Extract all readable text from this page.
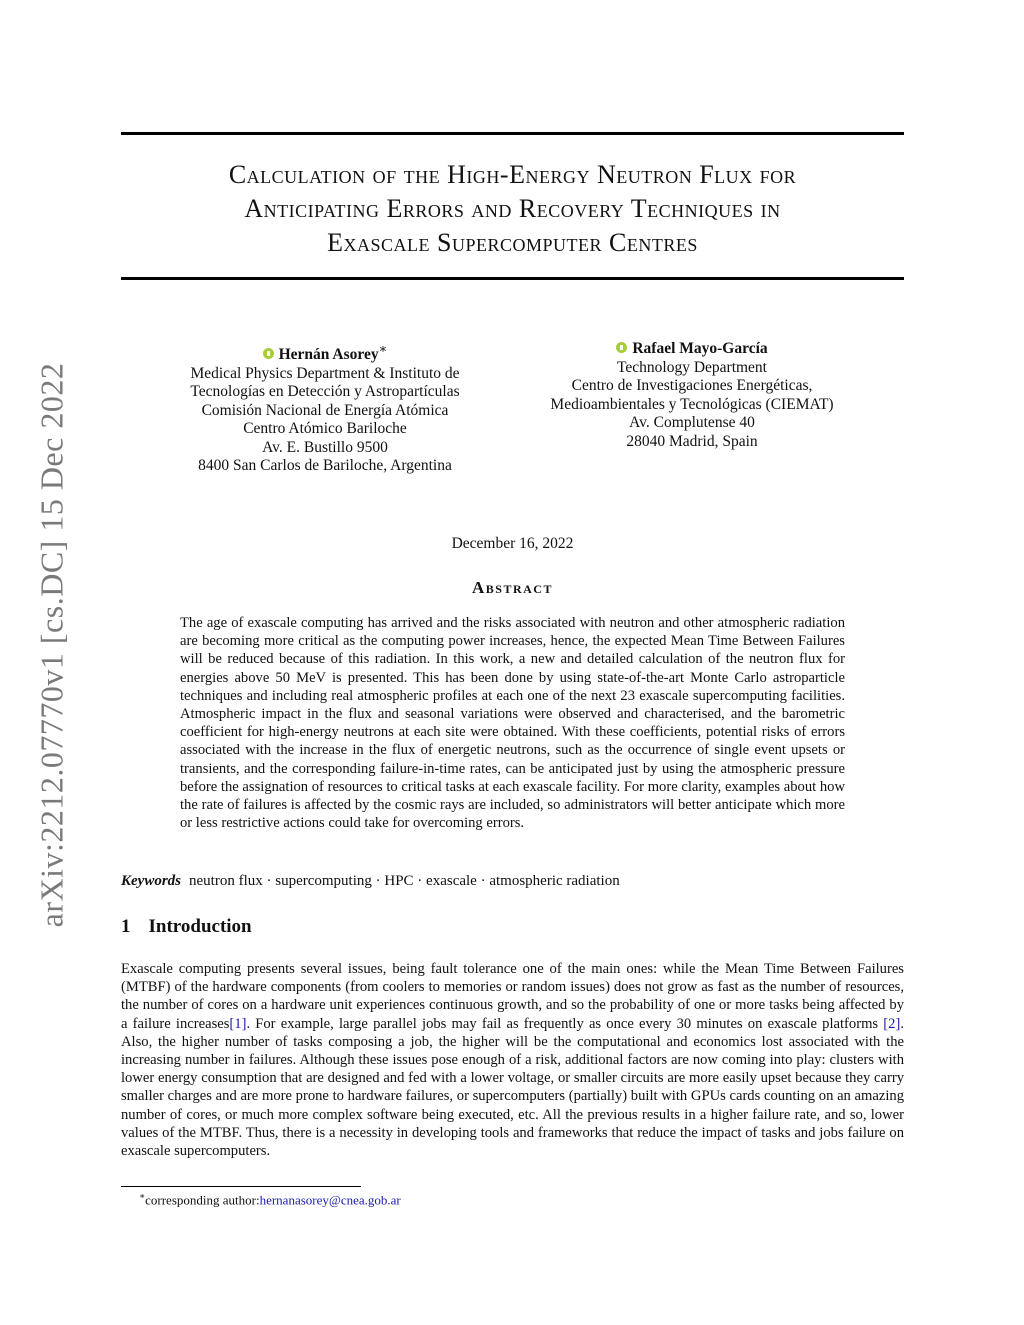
arXiv:2212.07770v1 [cs.DC] 15 Dec 2022
Calculation of the High-Energy Neutron Flux for
Anticipating Errors and Recovery Techniques in
Exascale Supercomputer Centres
Hernán Asorey∗
Medical Physics Department & Instituto de
Tecnologías en Detección y Astropartículas
Comisión Nacional de Energía Atómica
Centro Atómico Bariloche
Av. E. Bustillo 9500
8400 San Carlos de Bariloche, Argentina
Rafael Mayo-García
Technology Department
Centro de Investigaciones Energéticas,
Medioambientales y Tecnológicas (CIEMAT)
Av. Complutense 40
28040 Madrid, Spain
December 16, 2022
Abstract
The age of exascale computing has arrived and the risks associated with neutron and other atmospheric radiation are becoming more critical as the computing power increases, hence, the expected Mean Time Between Failures will be reduced because of this radiation. In this work, a new and detailed calculation of the neutron flux for energies above 50 MeV is presented. This has been done by using state-of-the-art Monte Carlo astroparticle techniques and including real atmospheric profiles at each one of the next 23 exascale supercomputing facilities. Atmospheric impact in the flux and seasonal variations were observed and characterised, and the barometric coefficient for high-energy neutrons at each site were obtained. With these coefficients, potential risks of errors associated with the increase in the flux of energetic neutrons, such as the occurrence of single event upsets or transients, and the corresponding failure-in-time rates, can be anticipated just by using the atmospheric pressure before the assignation of resources to critical tasks at each exascale facility. For more clarity, examples about how the rate of failures is affected by the cosmic rays are included, so administrators will better anticipate which more or less restrictive actions could take for overcoming errors.
Keywords neutron flux · supercomputing · HPC · exascale · atmospheric radiation
1 Introduction
Exascale computing presents several issues, being fault tolerance one of the main ones: while the Mean Time Between Failures (MTBF) of the hardware components (from coolers to memories or random issues) does not grow as fast as the number of resources, the number of cores on a hardware unit experiences continuous growth, and so the probability of one or more tasks being affected by a failure increases[1]. For example, large parallel jobs may fail as frequently as once every 30 minutes on exascale platforms [2]. Also, the higher number of tasks composing a job, the higher will be the computational and economics lost associated with the increasing number in failures. Although these issues pose enough of a risk, additional factors are now coming into play: clusters with lower energy consumption that are designed and fed with a lower voltage, or smaller circuits are more easily upset because they carry smaller charges and are more prone to hardware failures, or supercomputers (partially) built with GPUs cards counting on an amazing number of cores, or much more complex software being executed, etc. All the previous results in a higher failure rate, and so, lower values of the MTBF. Thus, there is a necessity in developing tools and frameworks that reduce the impact of tasks and jobs failure on exascale supercomputers.
∗corresponding author:hernanasorey@cnea.gob.ar
